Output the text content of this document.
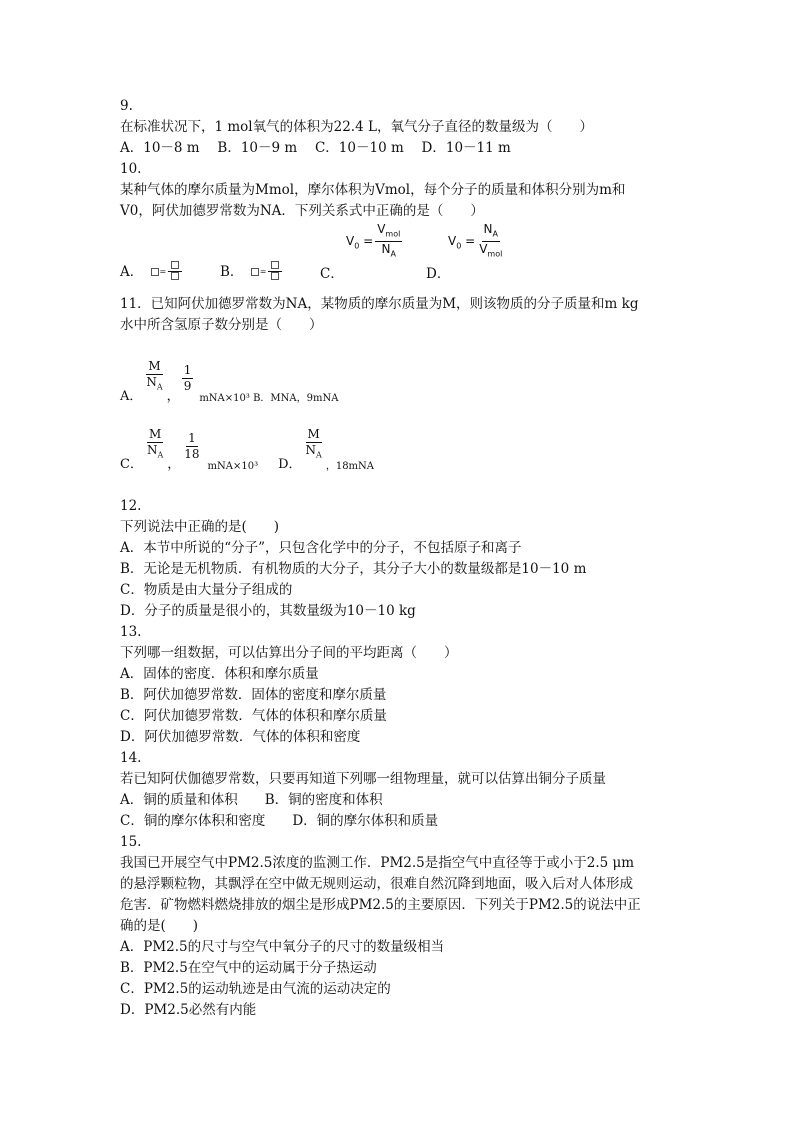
9.
在标准状况下，1 mol氧气的体积为22.4 L，氧气分子直径的数量级为（　　）
A．10－8 m　 B．10－9 m　 C．10－10 m　 D．10－11 m
10.
某种气体的摩尔质量为Mmol，摩尔体积为Vmol，每个分子的质量和体积分别为m和
V0，阿伏加德罗常数为NA．下列关系式中正确的是（　　）
A． =	B． =	C．
$V_0 = \frac{V_{mol}}{N_A}$
D．
$V_0 = \frac{N_A}{V_{mol}}$
11．已知阿伏加德罗常数为NA，某物质的摩尔质量为M，则该物质的分子质量和m kg
水中所含氢原子数分别是（　　）
A．
$\frac{M}{N_A}$
，
$\frac{1}{9}$
mNA×10³ B．MNA，9mNA
C．
$\frac{M}{N_A}$
，
$\frac{1}{18}$
mNA×10³ D．
$\frac{M}{N_A}$
，18mNA
12.
下列说法中正确的是(　　)
A．本节中所说的“分子”，只包含化学中的分子，不包括原子和离子
B．无论是无机物质．有机物质的大分子，其分子大小的数量级都是10－10 m
C．物质是由大量分子组成的
D．分子的质量是很小的，其数量级为10－10 kg
13.
下列哪一组数据，可以估算出分子间的平均距离（　　）
A．固体的密度．体积和摩尔质量
B．阿伏加德罗常数．固体的密度和摩尔质量
C．阿伏加德罗常数．气体的体积和摩尔质量
D．阿伏加德罗常数．气体的体积和密度
14.
若已知阿伏伽德罗常数，只要再知道下列哪一组物理量，就可以估算出铜分子质量
A．铜的质量和体积　　B．铜的密度和体积
C．铜的摩尔体积和密度　　D．铜的摩尔体积和质量
15.
我国已开展空气中PM2.5浓度的监测工作．PM2.5是指空气中直径等于或小于2.5 μm
的悬浮颗粒物，其飘浮在空中做无规则运动，很难自然沉降到地面，吸入后对人体形成
危害．矿物燃料燃烧排放的烟尘是形成PM2.5的主要原因．下列关于PM2.5的说法中正
确的是(　　)
A．PM2.5的尺寸与空气中氧分子的尺寸的数量级相当
B．PM2.5在空气中的运动属于分子热运动
C．PM2.5的运动轨迹是由气流的运动决定的
D．PM2.5必然有内能
